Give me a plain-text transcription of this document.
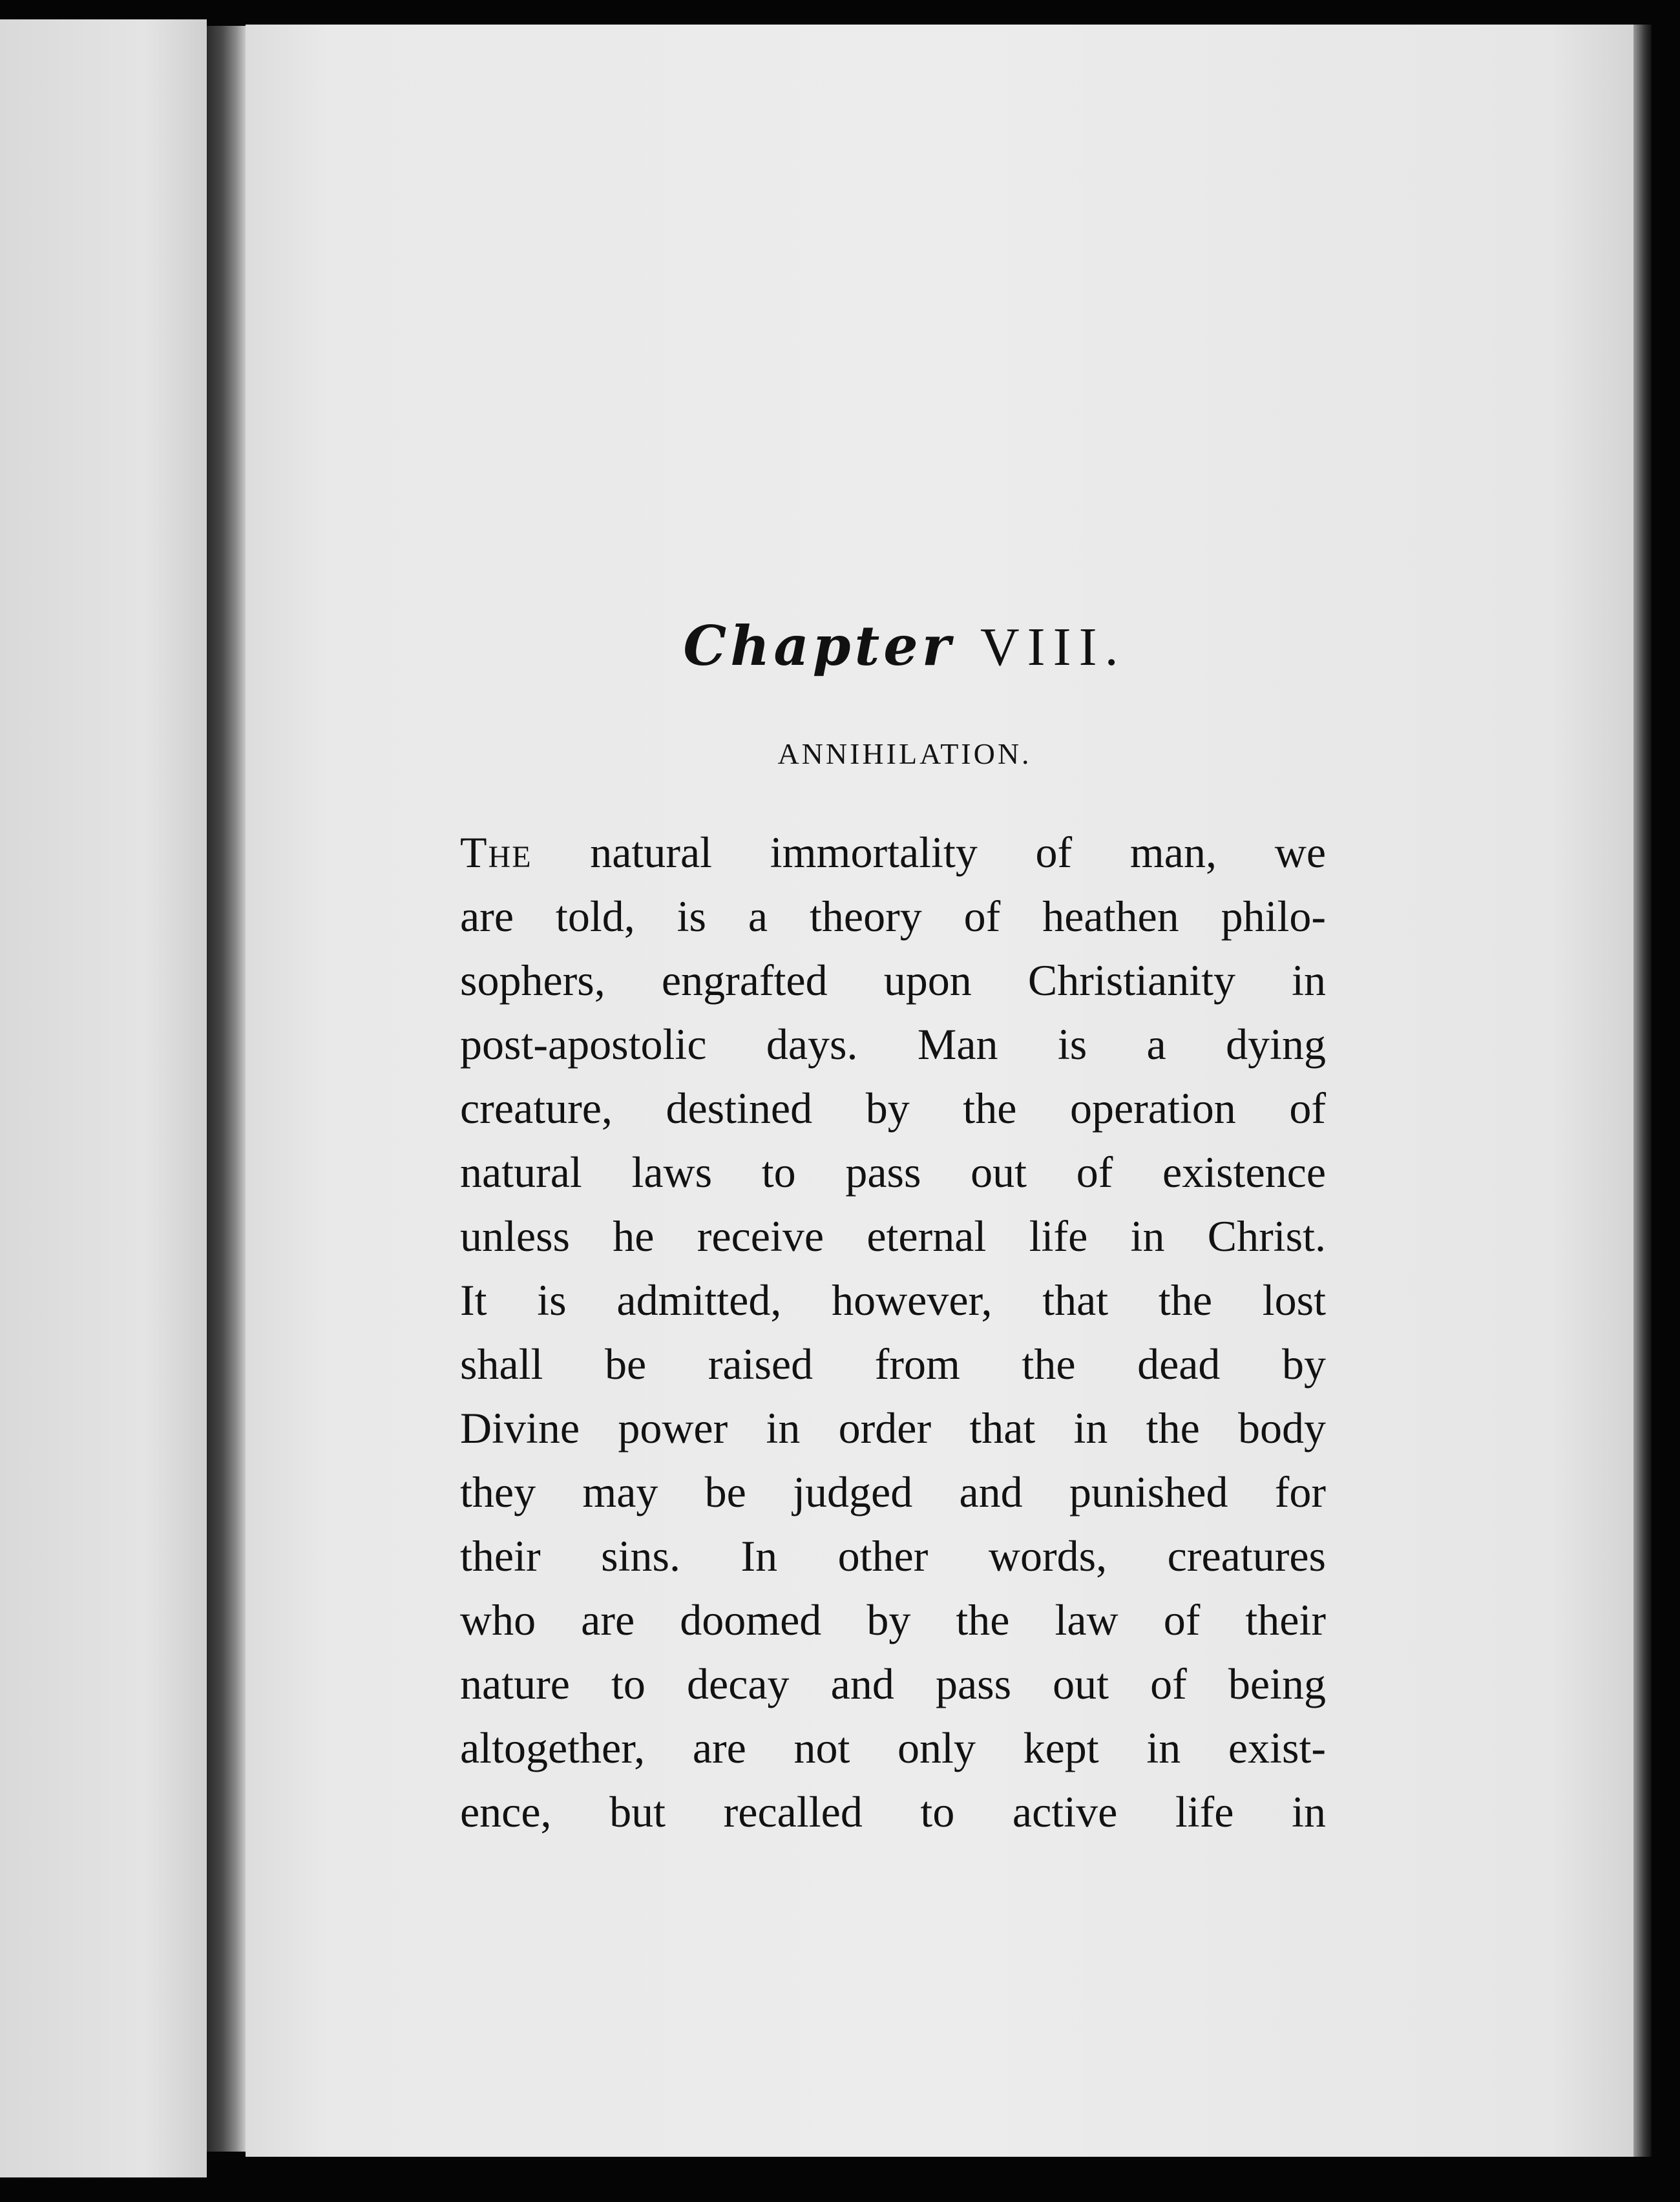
Chapter VIII.
ANNIHILATION.
The natural immortality of man, we
are told, is a theory of heathen philo-
sophers, engrafted upon Christianity in
post-apostolic days. Man is a dying
creature, destined by the operation of
natural laws to pass out of existence
unless he receive eternal life in Christ.
It is admitted, however, that the lost
shall be raised from the dead by
Divine power in order that in the body
they may be judged and punished for
their sins. In other words, creatures
who are doomed by the law of their
nature to decay and pass out of being
altogether, are not only kept in exist-
ence, but recalled to active life in
